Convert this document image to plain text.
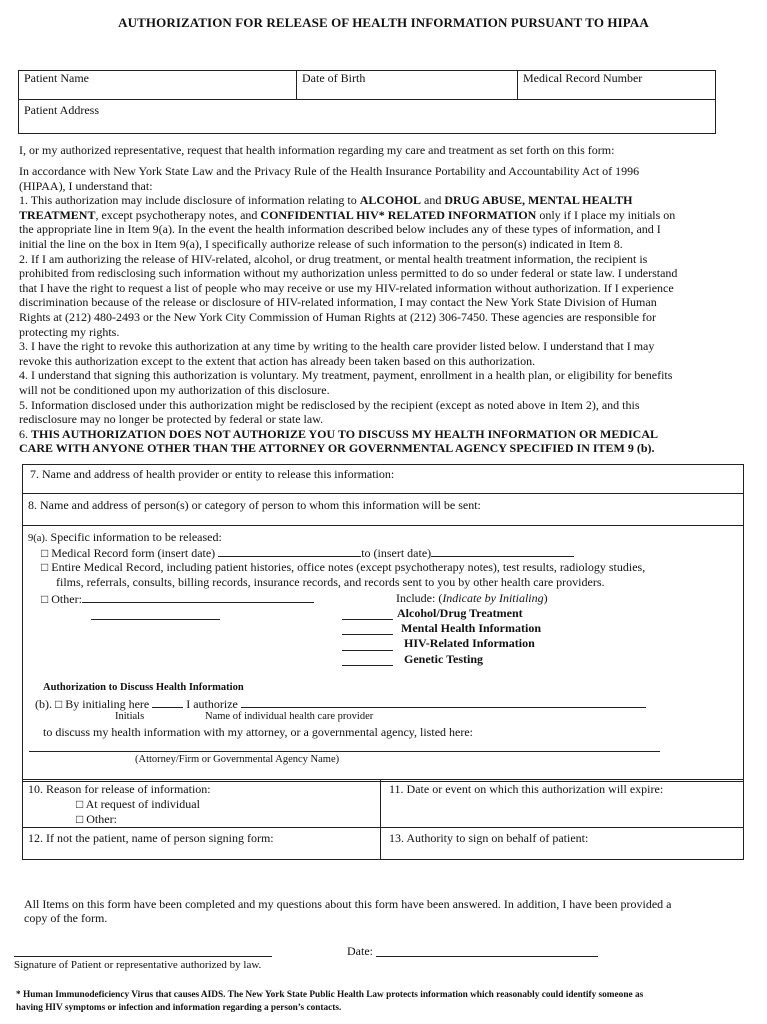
AUTHORIZATION FOR RELEASE OF HEALTH INFORMATION PURSUANT TO HIPAA
Patient Name	Date of Birth	Medical Record Number
Patient Address
I, or my authorized representative, request that health information regarding my care and treatment as set forth on this form:
In accordance with New York State Law and the Privacy Rule of the Health Insurance Portability and Accountability Act of 1996
(HIPAA), I understand that:
1. This authorization may include disclosure of information relating to ALCOHOL and DRUG ABUSE, MENTAL HEALTH
TREATMENT, except psychotherapy notes, and CONFIDENTIAL HIV* RELATED INFORMATION only if I place my initials on
the appropriate line in Item 9(a). In the event the health information described below includes any of these types of information, and I
initial the line on the box in Item 9(a), I specifically authorize release of such information to the person(s) indicated in Item 8.
2. If I am authorizing the release of HIV-related, alcohol, or drug treatment, or mental health treatment information, the recipient is
prohibited from redisclosing such information without my authorization unless permitted to do so under federal or state law. I understand
that I have the right to request a list of people who may receive or use my HIV-related information without authorization. If I experience
discrimination because of the release or disclosure of HIV-related information, I may contact the New York State Division of Human
Rights at (212) 480-2493 or the New York City Commission of Human Rights at (212) 306-7450. These agencies are responsible for
protecting my rights.
3. I have the right to revoke this authorization at any time by writing to the health care provider listed below. I understand that I may
revoke this authorization except to the extent that action has already been taken based on this authorization.
4. I understand that signing this authorization is voluntary. My treatment, payment, enrollment in a health plan, or eligibility for benefits
will not be conditioned upon my authorization of this disclosure.
5. Information disclosed under this authorization might be redisclosed by the recipient (except as noted above in Item 2), and this
redisclosure may no longer be protected by federal or state law.
6. THIS AUTHORIZATION DOES NOT AUTHORIZE YOU TO DISCUSS MY HEALTH INFORMATION OR MEDICAL
CARE WITH ANYONE OTHER THAN THE ATTORNEY OR GOVERNMENTAL AGENCY SPECIFIED IN ITEM 9 (b).
7. Name and address of health provider or entity to release this information:
8. Name and address of person(s) or category of person to whom this information will be sent:
9(a). Specific information to be released:
□ Medical Record form (insert date)	to (insert date)
□ Entire Medical Record, including patient histories, office notes (except psychotherapy notes), test results, radiology studies,
films, referrals, consults, billing records, insurance records, and records sent to you by other health care providers.
□ Other:	Include: (Indicate by Initialing)
Alcohol/Drug Treatment
Mental Health Information
HIV-Related Information
Genetic Testing
Authorization to Discuss Health Information
(b). □ By initialing here	I authorize
Initials	Name of individual health care provider
to discuss my health information with my attorney, or a governmental agency, listed here:
(Attorney/Firm or Governmental Agency Name)
10. Reason for release of information:
□ At request of individual
□ Other:
11. Date or event on which this authorization will expire:
12. If not the patient, name of person signing form:	13. Authority to sign on behalf of patient:
All Items on this form have been completed and my questions about this form have been answered. In addition, I have been provided a
copy of the form.
Signature of Patient or representative authorized by law.
Date:
* Human Immunodeficiency Virus that causes AIDS. The New York State Public Health Law protects information which reasonably could identify someone as
having HIV symptoms or infection and information regarding a person’s contacts.
